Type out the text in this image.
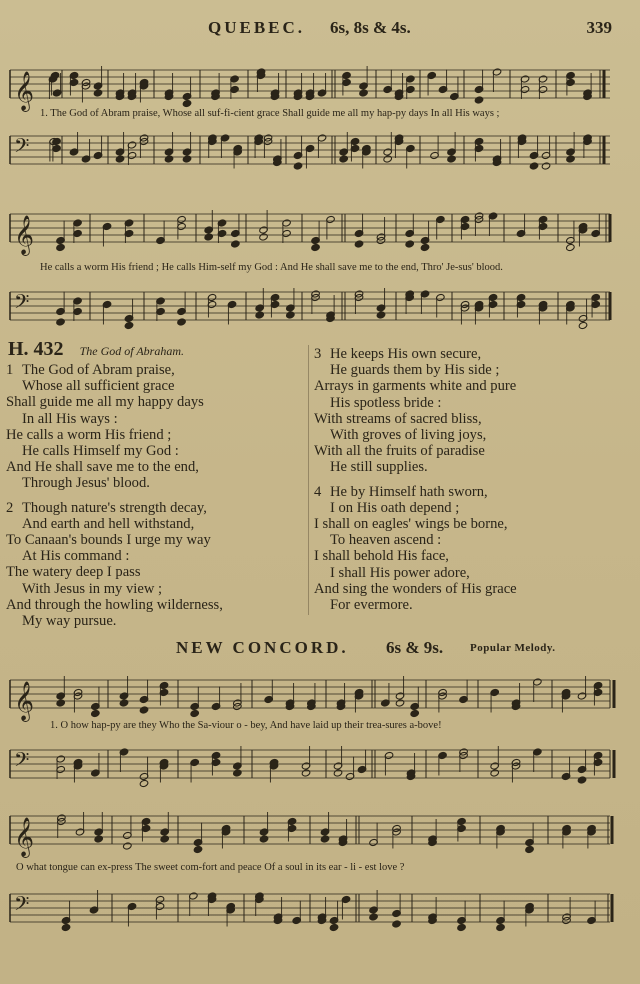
QUEBEC. 6s, 8s & 4s.	339
𝄞
1. The God of Abram praise, Whose all suf-fi-cient grace Shall guide me all my hap-py days In all His ways ;
𝄢
𝄞
He calls a worm His friend ; He calls Him-self my God : And He shall save me to the end, Thro' Je-sus' blood.
𝄢
H. 432 The God of Abraham.
1 The God of Abram praise,
Whose all sufficient grace
Shall guide me all my happy days
In all His ways :
He calls a worm His friend ;
He calls Himself my God :
And He shall save me to the end,
Through Jesus' blood.
2 Though nature's strength decay,
And earth and hell withstand,
To Canaan's bounds I urge my way
At His command :
The watery deep I pass
With Jesus in my view ;
And through the howling wilderness,
My way pursue.
3 He keeps His own secure,
He guards them by His side ;
Arrays in garments white and pure
His spotless bride :
With streams of sacred bliss,
With groves of living joys,
With all the fruits of paradise
He still supplies.
4 He by Himself hath sworn,
I on His oath depend ;
I shall on eagles' wings be borne,
To heaven ascend :
I shall behold His face,
I shall His power adore,
And sing the wonders of His grace
For evermore.
NEW CONCORD. 6s & 9s. Popular Melody.
𝄞
1. O how hap-py are they Who the Sa-viour o - bey, And have laid up their trea-sures a-bove!
𝄢
𝄞
O what tongue can ex-press The sweet com-fort and peace Of a soul in its ear - li - est love ?
𝄢
